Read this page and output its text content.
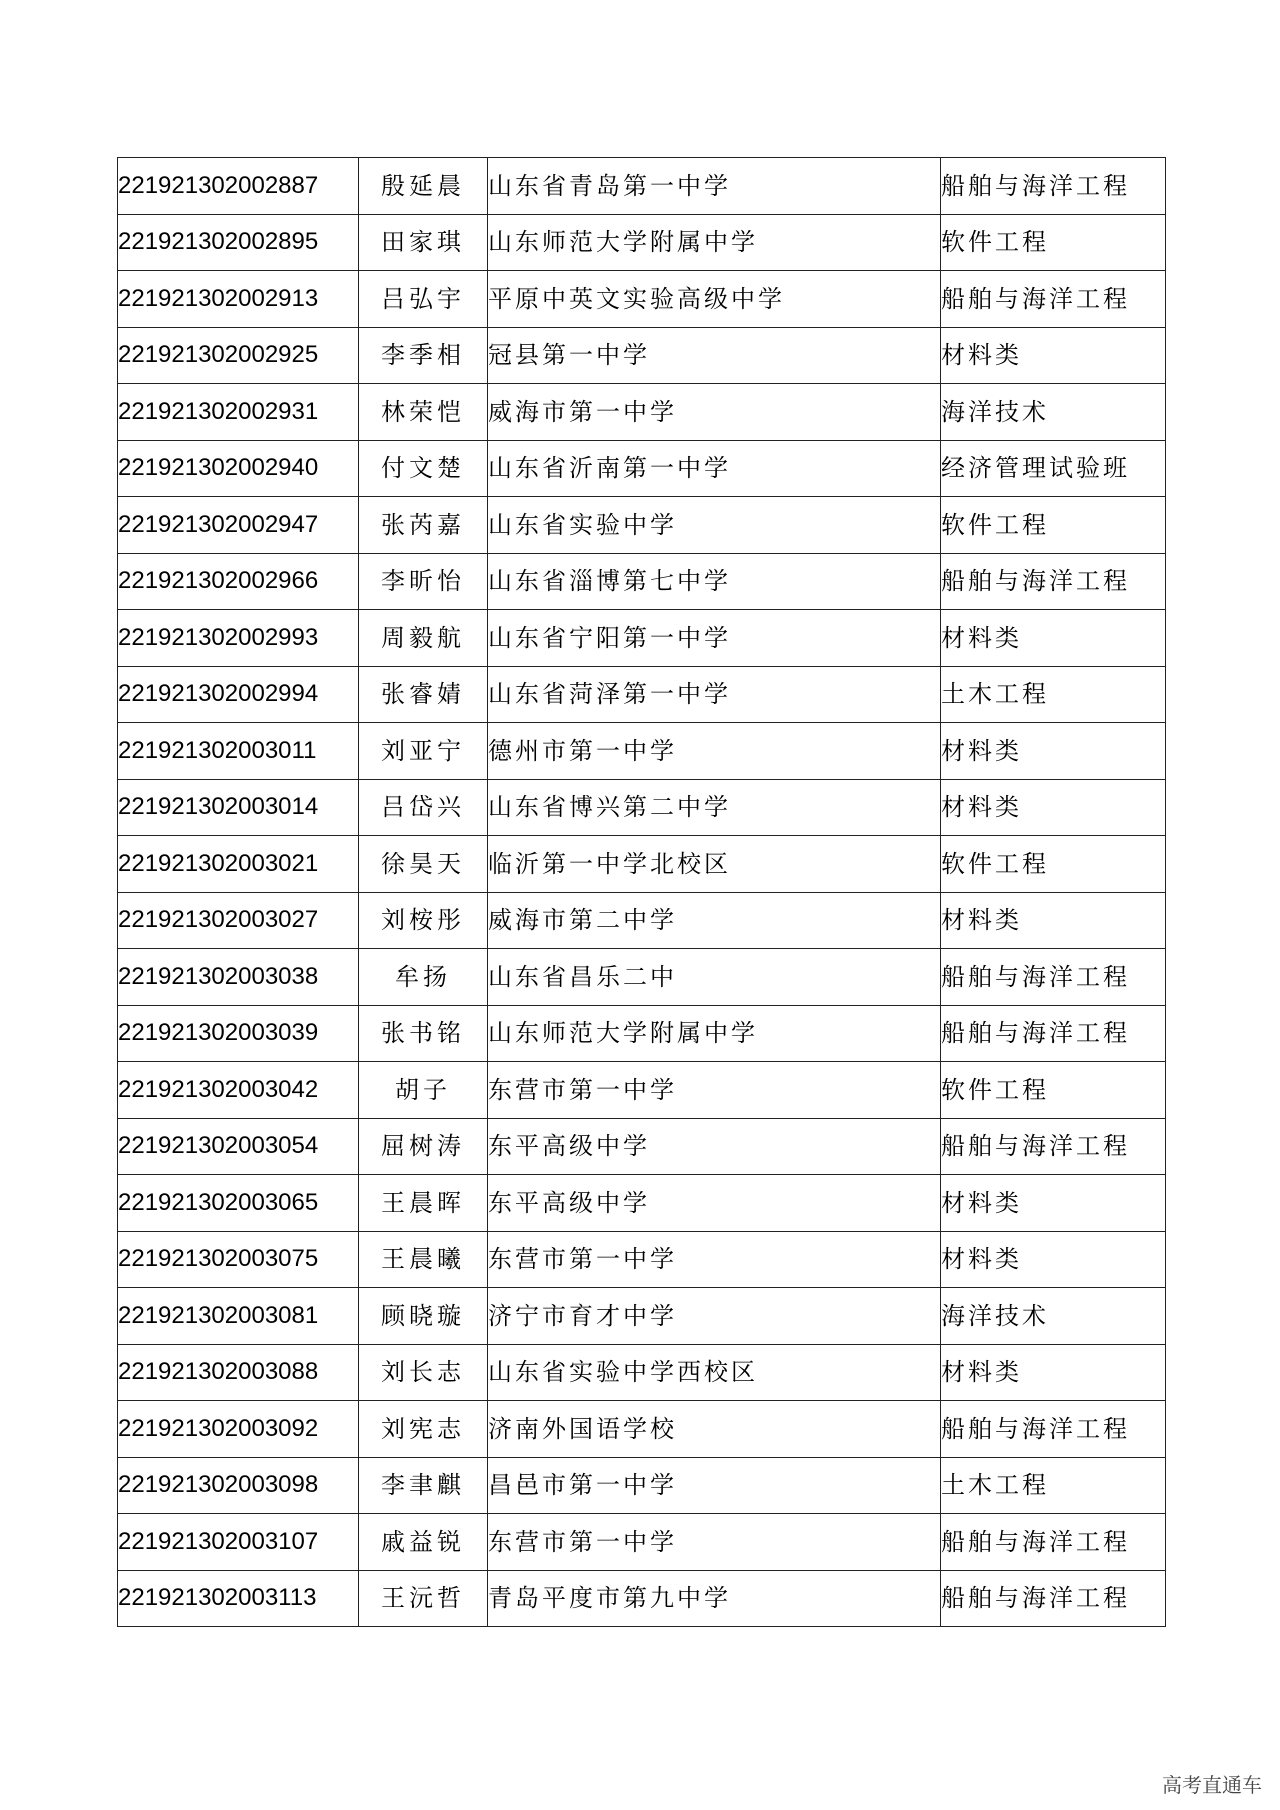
221921302002887	殷延晨	山东省青岛第一中学	船舶与海洋工程
221921302002895	田家琪	山东师范大学附属中学	软件工程
221921302002913	吕弘宇	平原中英文实验高级中学	船舶与海洋工程
221921302002925	李季相	冠县第一中学	材料类
221921302002931	林荣恺	威海市第一中学	海洋技术
221921302002940	付文楚	山东省沂南第一中学	经济管理试验班
221921302002947	张芮嘉	山东省实验中学	软件工程
221921302002966	李昕怡	山东省淄博第七中学	船舶与海洋工程
221921302002993	周毅航	山东省宁阳第一中学	材料类
221921302002994	张睿婧	山东省菏泽第一中学	土木工程
221921302003011	刘亚宁	德州市第一中学	材料类
221921302003014	吕岱兴	山东省博兴第二中学	材料类
221921302003021	徐昊天	临沂第一中学北校区	软件工程
221921302003027	刘桉彤	威海市第二中学	材料类
221921302003038	牟扬	山东省昌乐二中	船舶与海洋工程
221921302003039	张书铭	山东师范大学附属中学	船舶与海洋工程
221921302003042	胡子	东营市第一中学	软件工程
221921302003054	屈树涛	东平高级中学	船舶与海洋工程
221921302003065	王晨晖	东平高级中学	材料类
221921302003075	王晨曦	东营市第一中学	材料类
221921302003081	顾晓璇	济宁市育才中学	海洋技术
221921302003088	刘长志	山东省实验中学西校区	材料类
221921302003092	刘宪志	济南外国语学校	船舶与海洋工程
221921302003098	李聿麒	昌邑市第一中学	土木工程
221921302003107	戚益锐	东营市第一中学	船舶与海洋工程
221921302003113	王沅哲	青岛平度市第九中学	船舶与海洋工程
高考直通车
